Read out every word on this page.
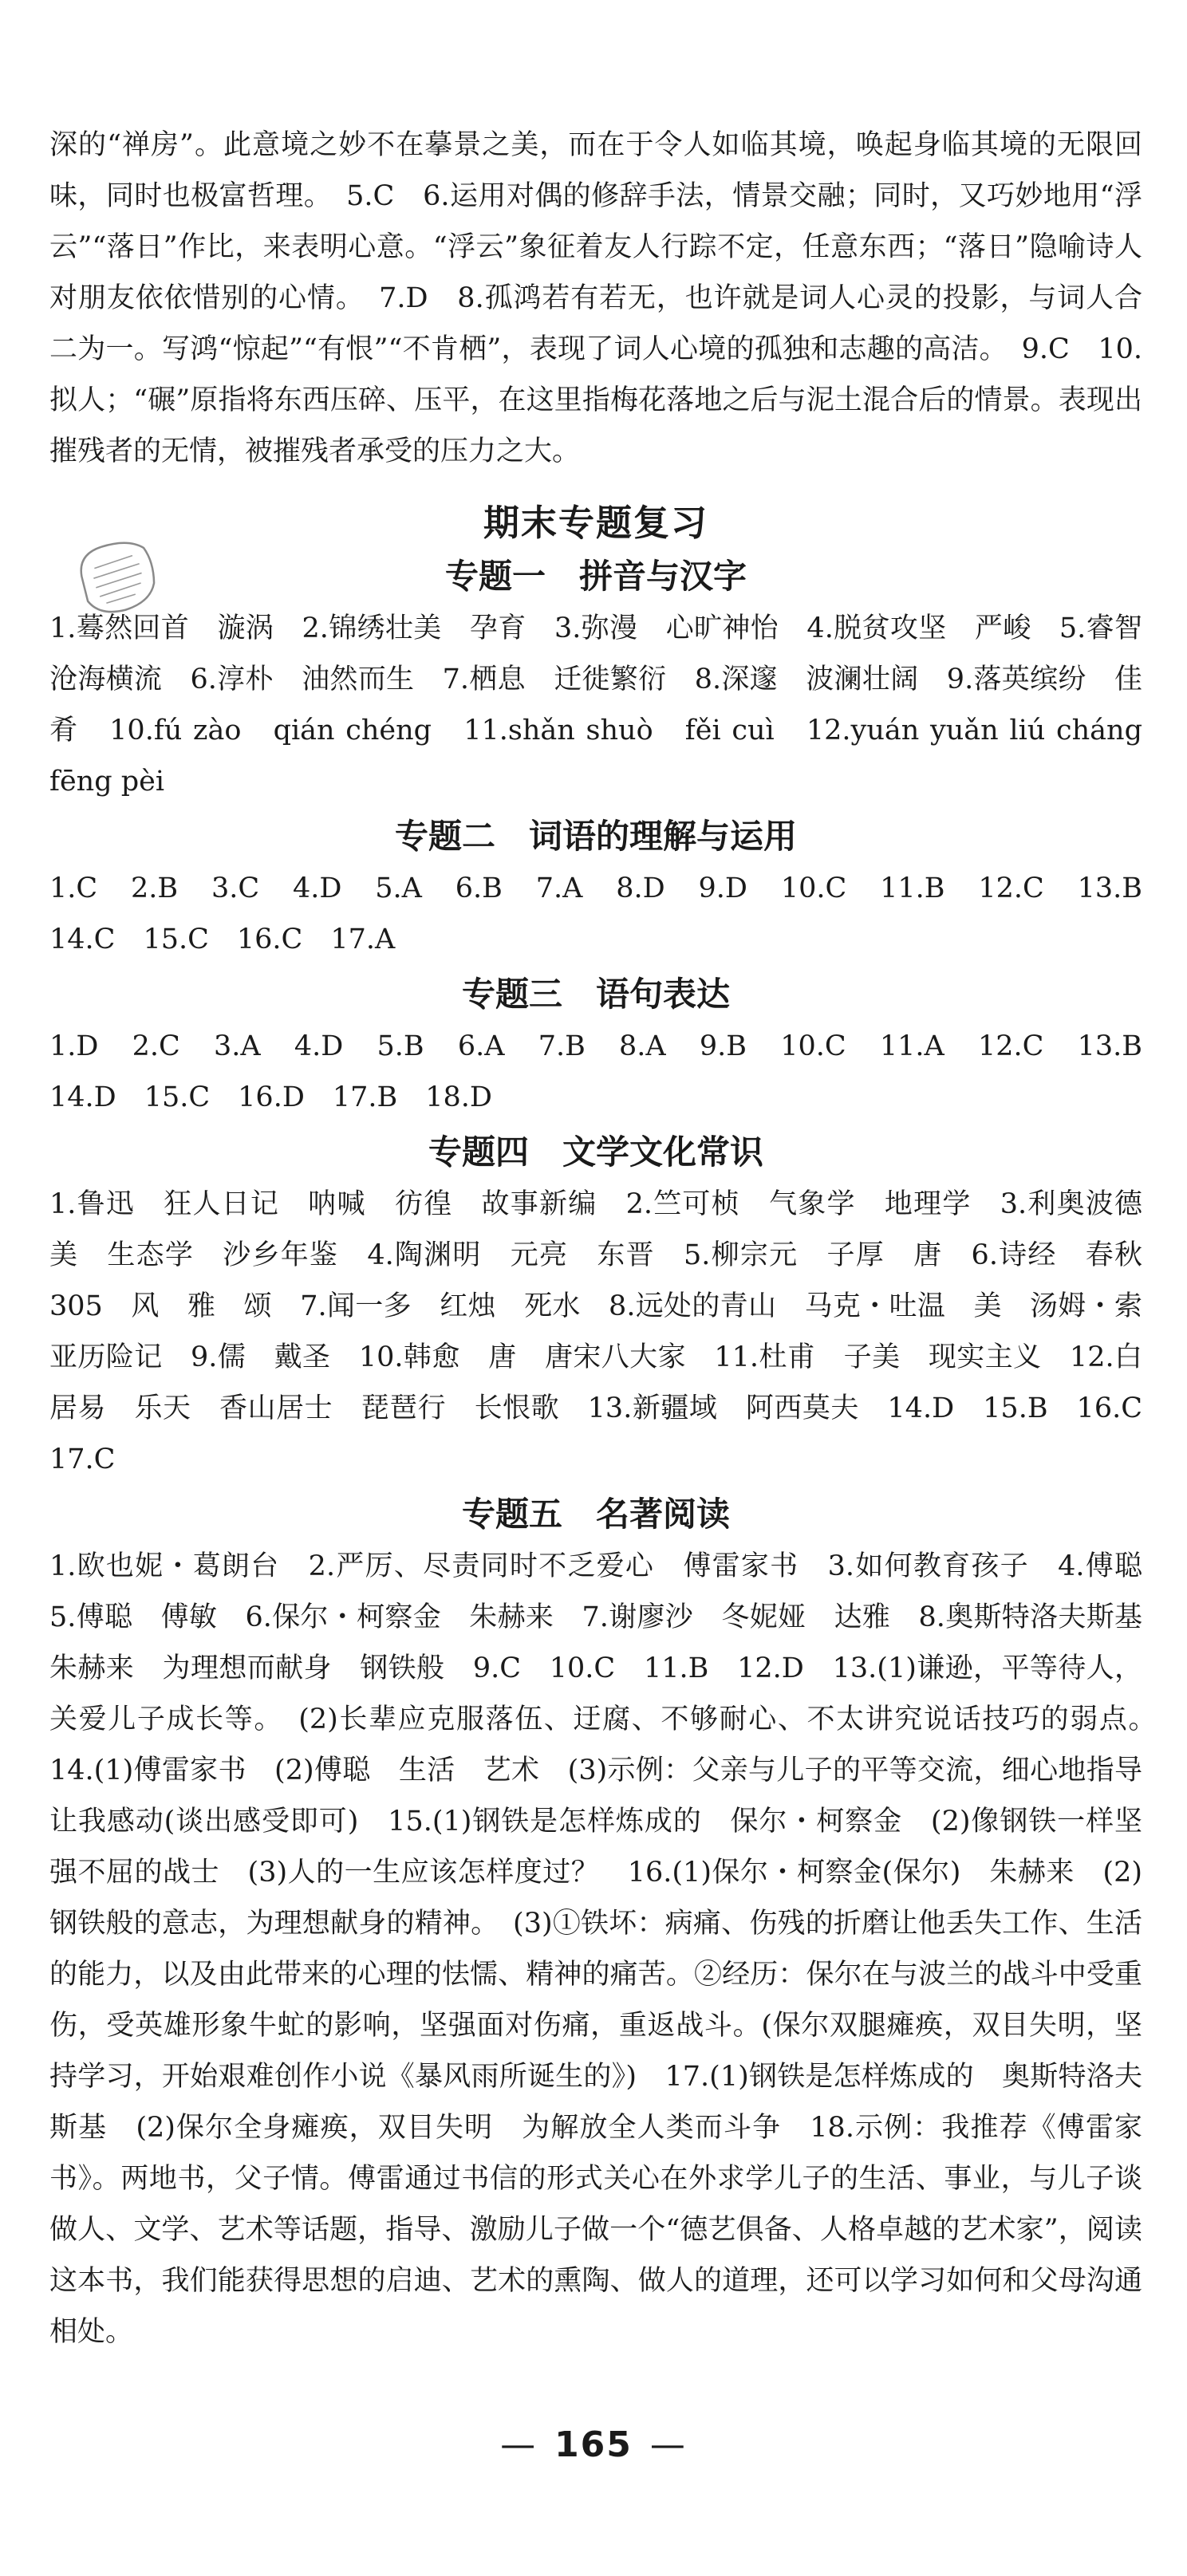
深的“禅房”。此意境之妙不在摹景之美，而在于令人如临其境，唤起身临其境的无限回味，同时也极富哲理。　5.C　6.运用对偶的修辞手法，情景交融；同时，又巧妙地用“浮云”“落日”作比，来表明心意。“浮云”象征着友人行踪不定，任意东西；“落日”隐喻诗人对朋友依依惜别的心情。　7.D　8.孤鸿若有若无，也许就是词人心灵的投影，与词人合二为一。写鸿“惊起”“有恨”“不肯栖”，表现了词人心境的孤独和志趣的高洁。　9.C　10.拟人；“碾”原指将东西压碎、压平，在这里指梅花落地之后与泥土混合后的情景。表现出摧残者的无情，被摧残者承受的压力之大。

期末专题复习
专题一　拼音与汉字

1.蓦然回首　漩涡　2.锦绣壮美　孕育　3.弥漫　心旷神怡　4.脱贫攻坚　严峻　5.睿智　沧海横流　6.淳朴　油然而生　7.栖息　迁徙繁衍　8.深邃　波澜壮阔　9.落英缤纷　佳肴　10.fú zào　qián chéng　11.shǎn shuò　fěi cuì　12.yuán yuǎn liú cháng　fēng pèi

专题二　词语的理解与运用

1.C　2.B　3.C　4.D　5.A　6.B　7.A　8.D　9.D　10.C　11.B　12.C　13.B　14.C　15.C　16.C　17.A

专题三　语句表达

1.D　2.C　3.A　4.D　5.B　6.A　7.B　8.A　9.B　10.C　11.A　12.C　13.B　14.D　15.C　16.D　17.B　18.D

专题四　文学文化常识

1.鲁迅　狂人日记　呐喊　彷徨　故事新编　2.竺可桢　气象学　地理学　3.利奥波德　美　生态学　沙乡年鉴　4.陶渊明　元亮　东晋　5.柳宗元　子厚　唐　6.诗经　春秋　305　风　雅　颂　7.闻一多　红烛　死水　8.远处的青山　马克・吐温　美　汤姆・索亚历险记　9.儒　戴圣　10.韩愈　唐　唐宋八大家　11.杜甫　子美　现实主义　12.白居易　乐天　香山居士　琵琶行　长恨歌　13.新疆域　阿西莫夫　14.D　15.B　16.C　17.C

专题五　名著阅读

1.欧也妮・葛朗台　2.严厉、尽责同时不乏爱心　傅雷家书　3.如何教育孩子　4.傅聪　5.傅聪　傅敏　6.保尔・柯察金　朱赫来　7.谢廖沙　冬妮娅　达雅　8.奥斯特洛夫斯基　朱赫来　为理想而献身　钢铁般　9.C　10.C　11.B　12.D　13.(1)谦逊，平等待人，关爱儿子成长等。　(2)长辈应克服落伍、迂腐、不够耐心、不太讲究说话技巧的弱点。　14.(1)傅雷家书　(2)傅聪　生活　艺术　(3)示例：父亲与儿子的平等交流，细心地指导让我感动(谈出感受即可)　15.(1)钢铁是怎样炼成的　保尔・柯察金　(2)像钢铁一样坚强不屈的战士　(3)人的一生应该怎样度过？　16.(1)保尔・柯察金(保尔)　朱赫来　(2)钢铁般的意志，为理想献身的精神。　(3)①铁坏：病痛、伤残的折磨让他丢失工作、生活的能力，以及由此带来的心理的怯懦、精神的痛苦。②经历：保尔在与波兰的战斗中受重伤，受英雄形象牛虻的影响，坚强面对伤痛，重返战斗。(保尔双腿瘫痪，双目失明，坚持学习，开始艰难创作小说《暴风雨所诞生的》)　17.(1)钢铁是怎样炼成的　奥斯特洛夫斯基　(2)保尔全身瘫痪，双目失明　为解放全人类而斗争　18.示例：我推荐《傅雷家书》。两地书，父子情。傅雷通过书信的形式关心在外求学儿子的生活、事业，与儿子谈做人、文学、艺术等话题，指导、激励儿子做一个“德艺俱备、人格卓越的艺术家”，阅读这本书，我们能获得思想的启迪、艺术的熏陶、做人的道理，还可以学习如何和父母沟通相处。

— 165 —
